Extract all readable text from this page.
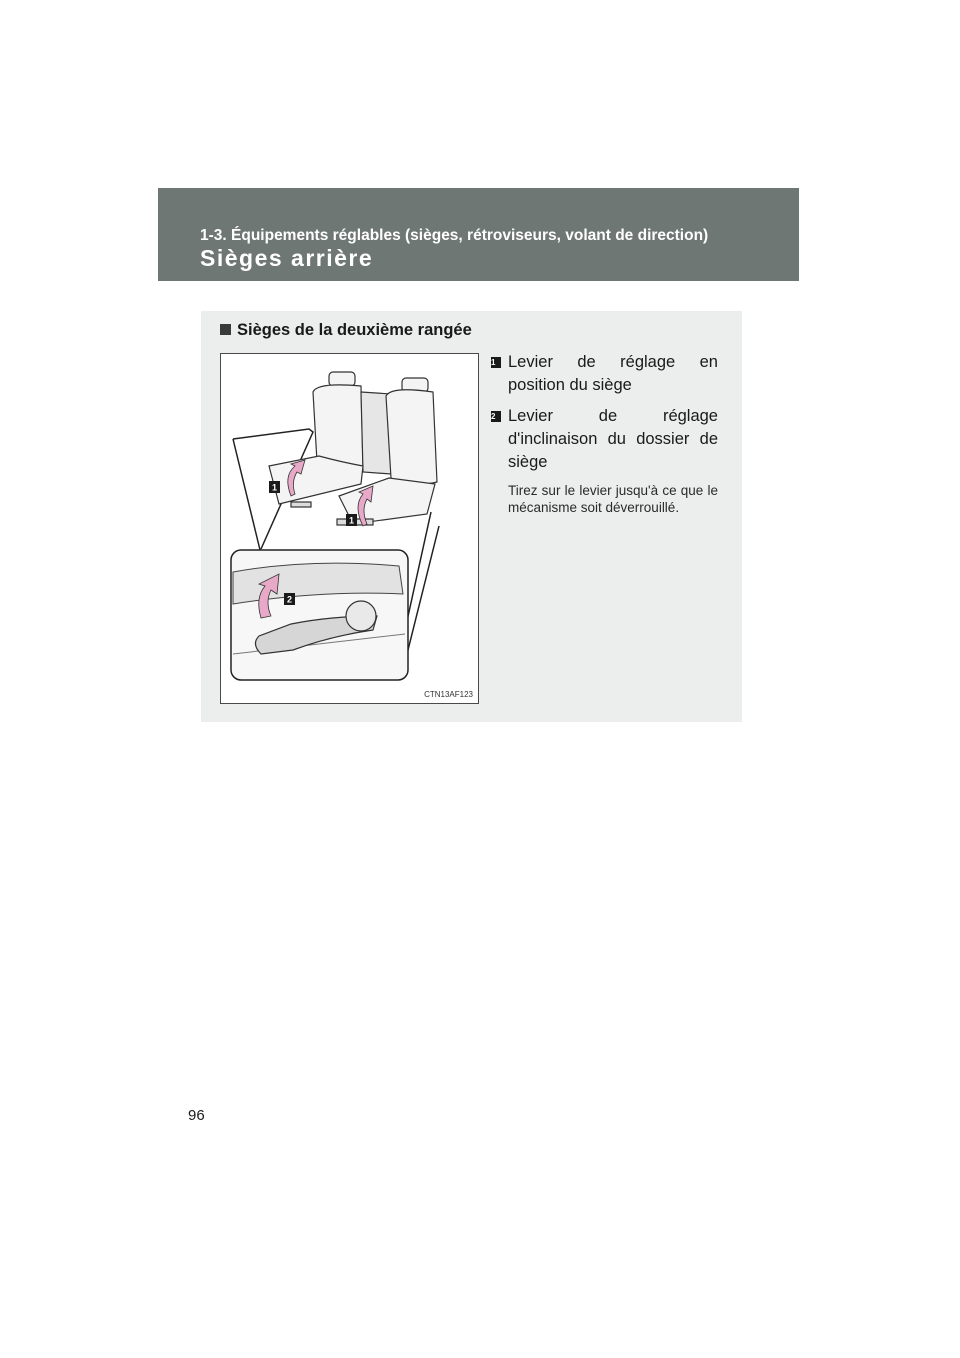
1-3. Équipements réglables (sièges, rétroviseurs, volant de direction)
Sièges arrière
Sièges de la deuxième rangée
1
1
2
CTN13AF123
1 Levier de réglage en position du siège
2 Levier de réglage d'inclinaison du dossier de siège
Tirez sur le levier jusqu'à ce que le mécanisme soit déverrouillé.
96
